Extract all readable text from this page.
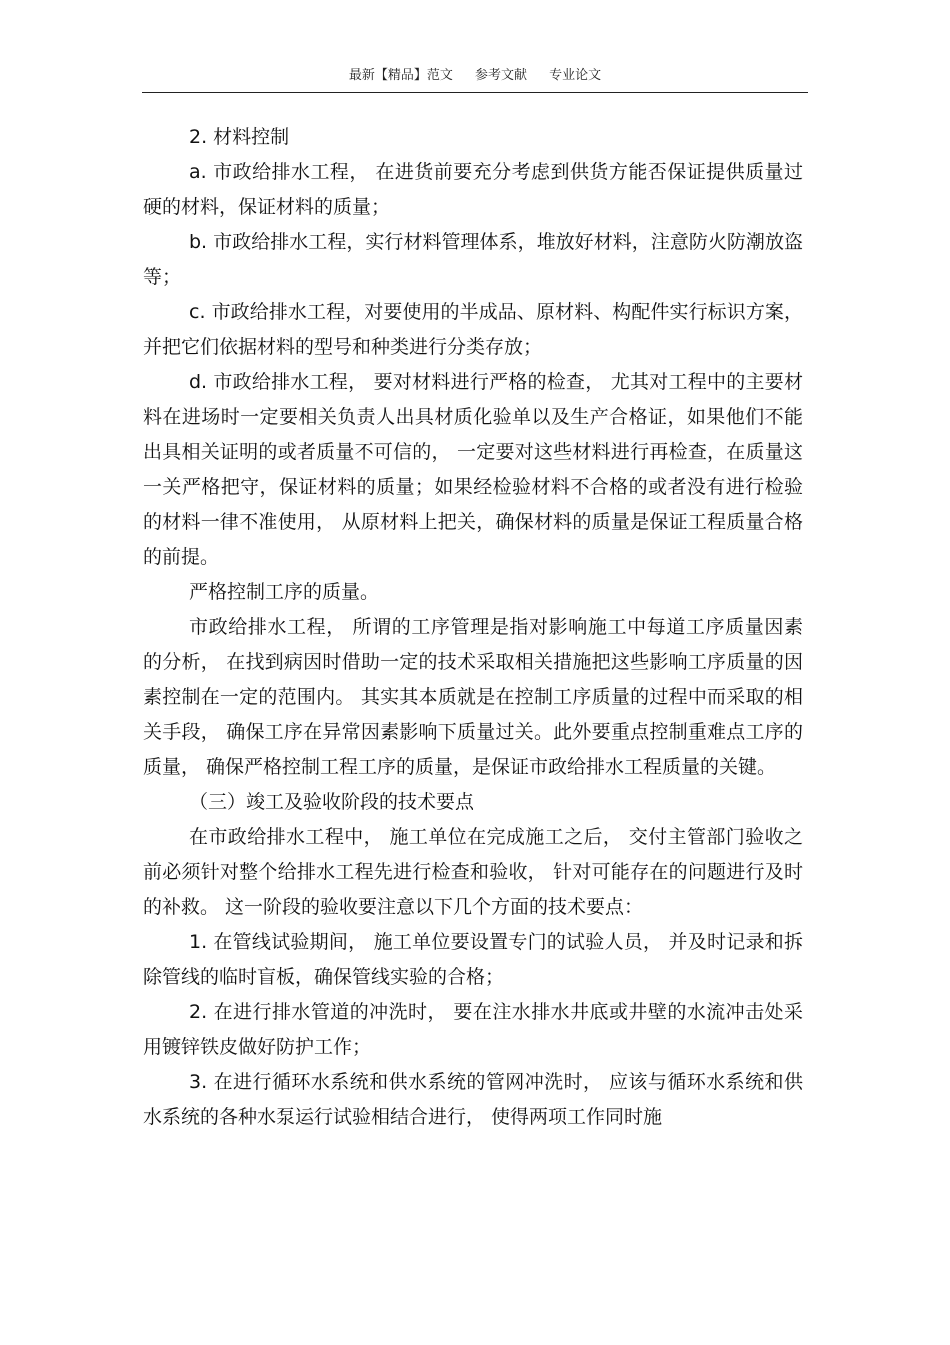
最新【精品】范文 参考文献 专业论文

2. 材料控制

a. 市政给排水工程， 在进货前要充分考虑到供货方能否保证提供质量过硬的材料，保证材料的质量；

b. 市政给排水工程，实行材料管理体系，堆放好材料，注意防火防潮放盗等；

c. 市政给排水工程，对要使用的半成品、原材料、构配件实行标识方案，并把它们依据材料的型号和种类进行分类存放；

d. 市政给排水工程， 要对材料进行严格的检查， 尤其对工程中的主要材料在进场时一定要相关负责人出具材质化验单以及生产合格证，如果他们不能出具相关证明的或者质量不可信的， 一定要对这些材料进行再检查，在质量这一关严格把守，保证材料的质量；如果经检验材料不合格的或者没有进行检验的材料一律不准使用， 从原材料上把关，确保材料的质量是保证工程质量合格的前提。

严格控制工序的质量。

市政给排水工程， 所谓的工序管理是指对影响施工中每道工序质量因素的分析， 在找到病因时借助一定的技术采取相关措施把这些影响工序质量的因素控制在一定的范围内。 其实其本质就是在控制工序质量的过程中而采取的相关手段， 确保工序在异常因素影响下质量过关。此外要重点控制重难点工序的质量， 确保严格控制工程工序的质量，是保证市政给排水工程质量的关键。

（三）竣工及验收阶段的技术要点

在市政给排水工程中， 施工单位在完成施工之后， 交付主管部门验收之前必须针对整个给排水工程先进行检查和验收， 针对可能存在的问题进行及时的补救。 这一阶段的验收要注意以下几个方面的技术要点：

1. 在管线试验期间， 施工单位要设置专门的试验人员， 并及时记录和拆除管线的临时盲板，确保管线实验的合格；

2. 在进行排水管道的冲洗时， 要在注水排水井底或井壁的水流冲击处采用镀锌铁皮做好防护工作；

3. 在进行循环水系统和供水系统的管网冲洗时， 应该与循环水系统和供水系统的各种水泵运行试验相结合进行， 使得两项工作同时施
